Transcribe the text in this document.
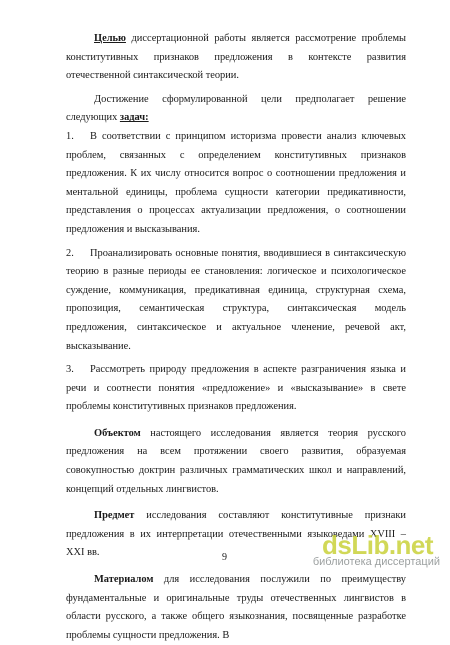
Целью диссертационной работы является рассмотрение проблемы конститутивных признаков предложения в контексте развития отечественной синтаксической теории.

Достижение сформулированной цели предполагает решение следующих задач:

1. В соответствии с принципом историзма провести анализ ключевых проблем, связанных с определением конститутивных признаков предложения. К их числу относится вопрос о соотношении предложения и ментальной единицы, проблема сущности категории предикативности, представления о процессах актуализации предложения, о соотношении предложения и высказывания.

2. Проанализировать основные понятия, вводившиеся в синтаксическую теорию в разные периоды ее становления: логическое и психологическое суждение, коммуникация, предикативная единица, структурная схема, пропозиция, семантическая структура, синтаксическая модель предложения, синтаксическое и актуальное членение, речевой акт, высказывание.

3. Рассмотреть природу предложения в аспекте разграничения языка и речи и соотнести понятия «предложение» и «высказывание» в свете проблемы конститутивных признаков предложения.

Объектом настоящего исследования является теория русского предложения на всем протяжении своего развития, образуемая совокупностью доктрин различных грамматических школ и направлений, концепций отдельных лингвистов.

Предмет исследования составляют конститутивные признаки предложения в их интерпретации отечественными языковедами XVIII – XXI вв.

Материалом для исследования послужили по преимуществу фундаментальные и оригинальные труды отечественных лингвистов в области русского, а также общего языкознания, посвященные разработке проблемы сущности предложения. В

9	dsLib.net
библиотека диссертаций
